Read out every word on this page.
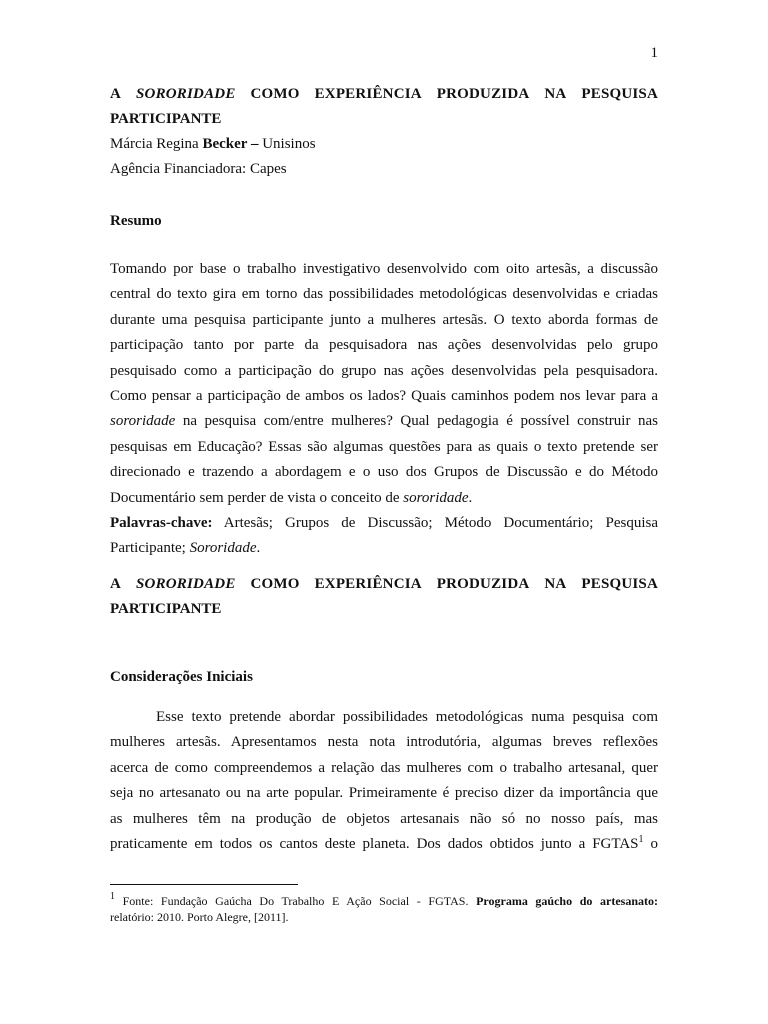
1
A SORORIDADE COMO EXPERIÊNCIA PRODUZIDA NA PESQUISA
PARTICIPANTE
Márcia Regina Becker – Unisinos
Agência Financiadora: Capes
Resumo
Tomando por base o trabalho investigativo desenvolvido com oito artesãs, a discussão
central do texto gira em torno das possibilidades metodológicas desenvolvidas e criadas
durante uma pesquisa participante junto a mulheres artesãs. O texto aborda formas de
participação tanto por parte da pesquisadora nas ações desenvolvidas pelo grupo
pesquisado como a participação do grupo nas ações desenvolvidas pela pesquisadora.
Como pensar a participação de ambos os lados? Quais caminhos podem nos levar para a
sororidade na pesquisa com/entre mulheres? Qual pedagogia é possível construir nas
pesquisas em Educação? Essas são algumas questões para as quais o texto pretende ser
direcionado e trazendo a abordagem e o uso dos Grupos de Discussão e do Método
Documentário sem perder de vista o conceito de sororidade.
Palavras-chave: Artesãs; Grupos de Discussão; Método Documentário; Pesquisa
Participante; Sororidade.
A SORORIDADE COMO EXPERIÊNCIA PRODUZIDA NA PESQUISA
PARTICIPANTE
Considerações Iniciais
Esse texto pretende abordar possibilidades metodológicas numa pesquisa com
mulheres artesãs. Apresentamos nesta nota introdutória, algumas breves reflexões
acerca de como compreendemos a relação das mulheres com o trabalho artesanal, quer
seja no artesanato ou na arte popular. Primeiramente é preciso dizer da importância que
as mulheres têm na produção de objetos artesanais não só no nosso país, mas
praticamente em todos os cantos deste planeta. Dos dados obtidos junto a FGTAS$^1$ o
$^1$ Fonte: Fundação Gaúcha Do Trabalho E Ação Social - FGTAS. Programa gaúcho do artesanato:
relatório: 2010. Porto Alegre, [2011].
